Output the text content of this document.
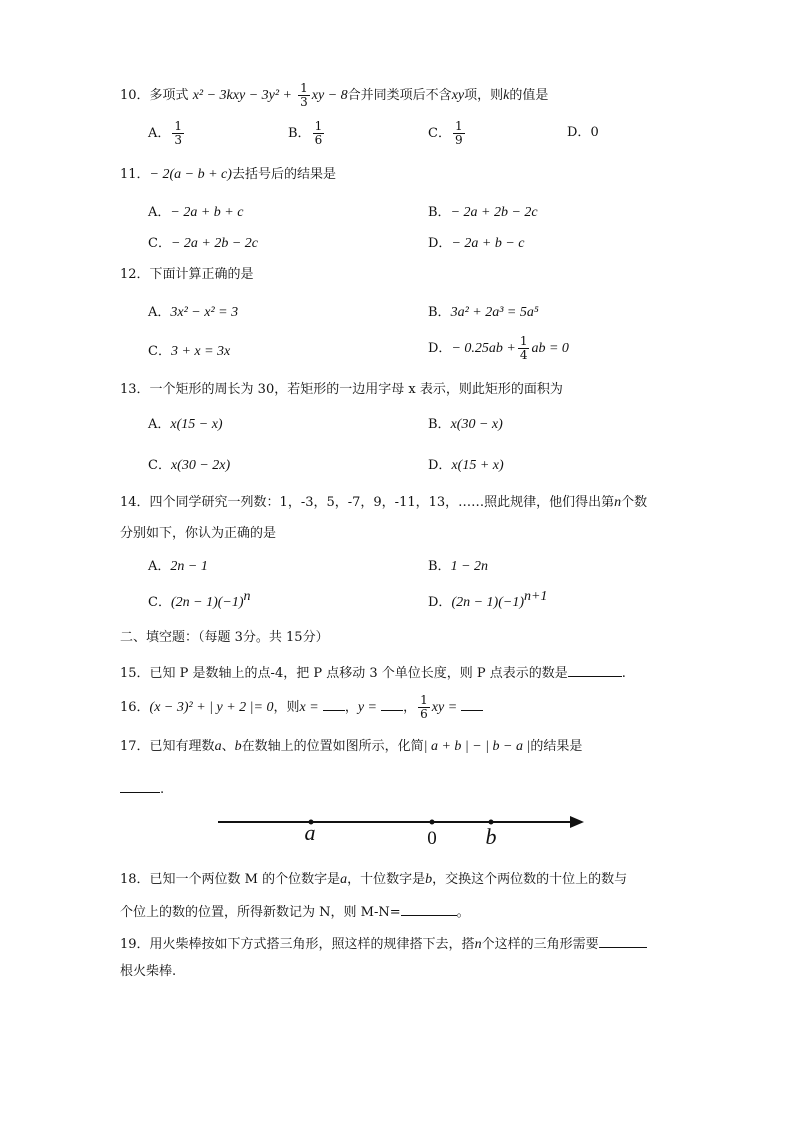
10．多项式 $x^2 - 3kxy - 3y^2 + \frac{1}{3}$ xy − 8合并同类项后不含xy项，则k的值是
A． $\frac{1}{3}$	B． $\frac{1}{6}$	C． $\frac{1}{9}$	D．0
11．− 2(a − b + c)去括号后的结果是
A．− 2a + b + c	B．− 2a + 2b − 2c
C．− 2a + 2b − 2c	D．− 2a + b − c
12．下面计算正确的是
A．3x² − x² = 3	B．3a² + 2a³ = 5a⁵
C．3 + x = 3x	D．− $0.25ab + \frac{1}{4}$ ab = 0
13．一个矩形的周长为 30，若矩形的一边用字母 x 表示，则此矩形的面积为
A．x(15 − x)	B．x(30 − x)
C．x(30 − 2x)	D．x(15 + x)
14．四个同学研究一列数：1，-3，5，-7，9，-11，13，……照此规律，他们得出第n个数
分别如下，你认为正确的是
A．2n − 1	B．1 − 2n
C．$(2n - 1)(-1)^n$	D．$(2n - 1)(-1)^{n+1}$
二、填空题：（每题 3分。共 15分）
15．已知 P 是数轴上的点-4，把 P 点移动 3 个单位长度，则 P 点表示的数是	.
16．(x − 3)² + | y + 2 |= 0，则x = ，y = ， $\frac{1}{6}$ xy =
17．已知有理数a、b在数轴上的位置如图所示，化简| a + b | − | b − a |的结果是
.
a	0 b
18．已知一个两位数 M 的个位数字是a，十位数字是b，交换这个两位数的十位上的数与
个位上的数的位置，所得新数记为 N，则 M-N=	。
19．用火柴棒按如下方式搭三角形，照这样的规律搭下去，搭n个这样的三角形需要
根火柴棒.
